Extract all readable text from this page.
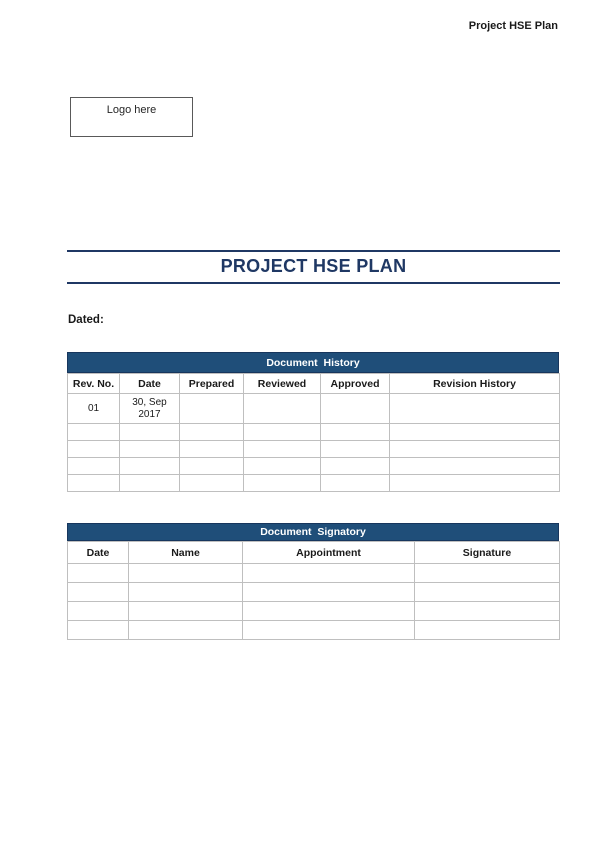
Project HSE Plan
Logo here
PROJECT HSE PLAN
Dated:
Document  History
Rev. No.	Date	Prepared	Reviewed	Approved	Revision History
01	30, Sep 2017				

Document  Signatory
Date	Name	Appointment	Signature
